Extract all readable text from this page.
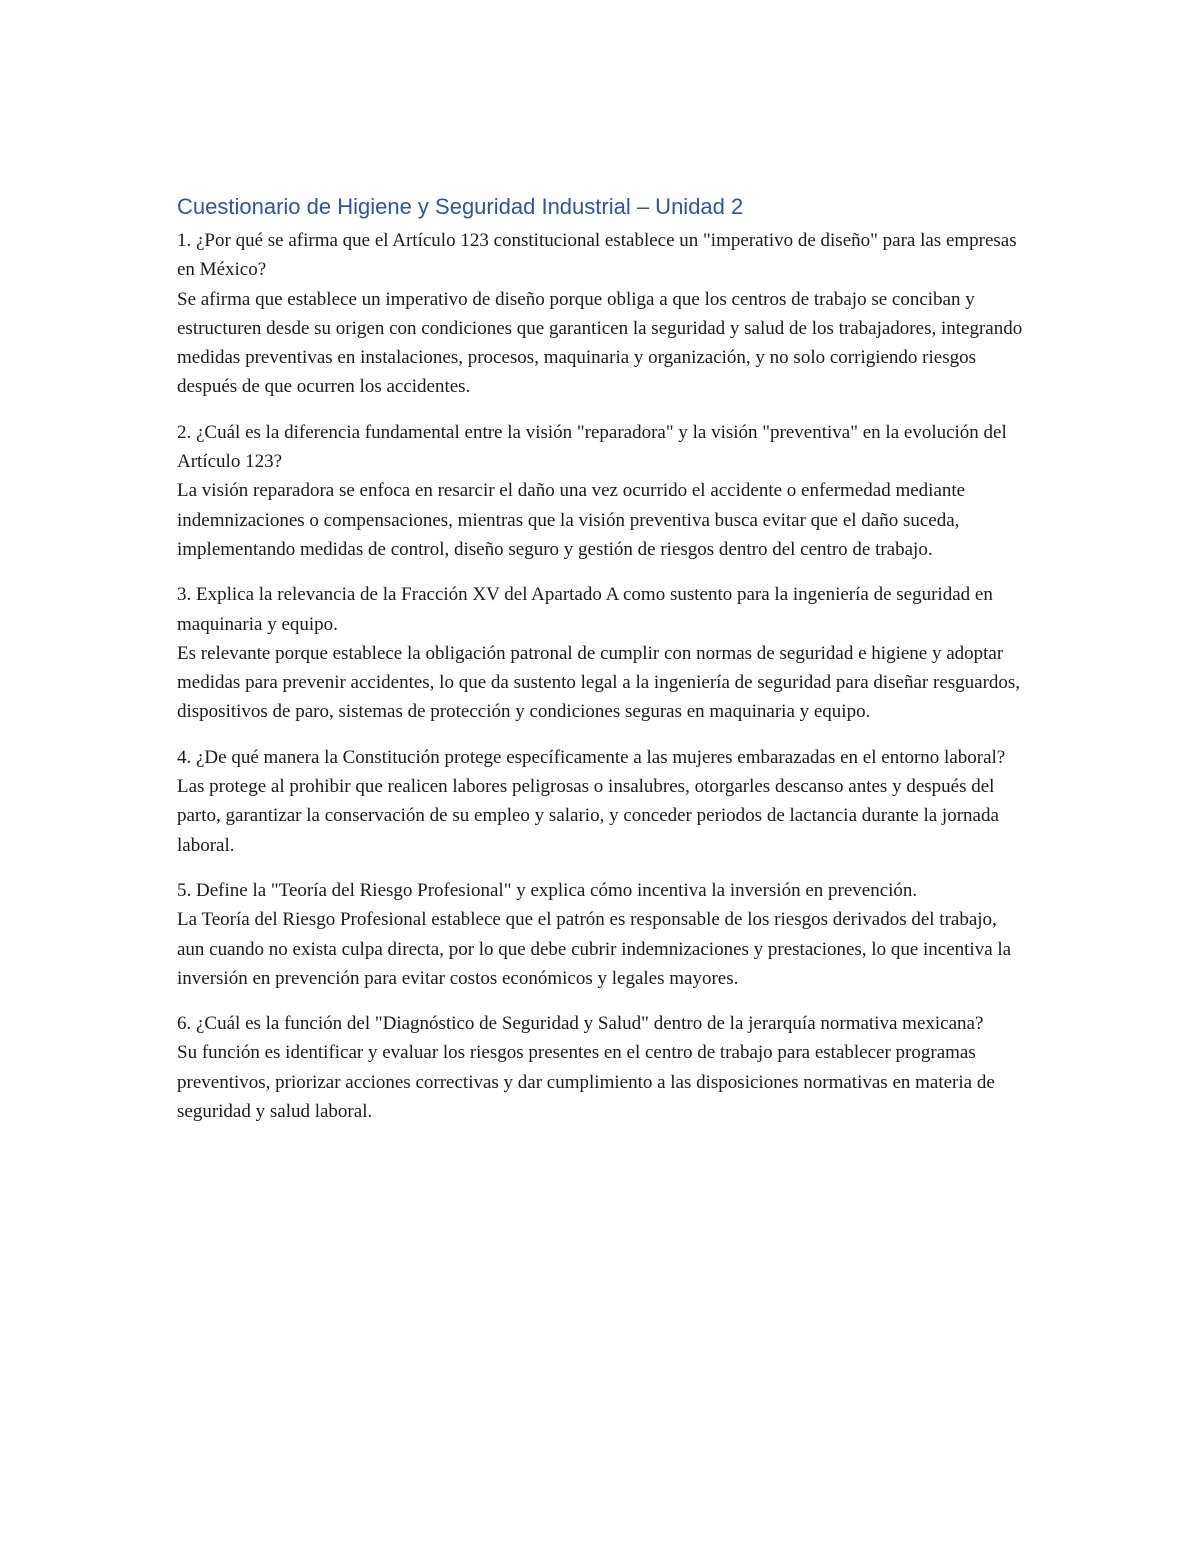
Cuestionario de Higiene y Seguridad Industrial – Unidad 2

1. ¿Por qué se afirma que el Artículo 123 constitucional establece un "imperativo de diseño" para las empresas en México?

Se afirma que establece un imperativo de diseño porque obliga a que los centros de trabajo se conciban y estructuren desde su origen con condiciones que garanticen la seguridad y salud de los trabajadores, integrando medidas preventivas en instalaciones, procesos, maquinaria y organización, y no solo corrigiendo riesgos después de que ocurren los accidentes.

2. ¿Cuál es la diferencia fundamental entre la visión "reparadora" y la visión "preventiva" en la evolución del Artículo 123?

La visión reparadora se enfoca en resarcir el daño una vez ocurrido el accidente o enfermedad mediante indemnizaciones o compensaciones, mientras que la visión preventiva busca evitar que el daño suceda, implementando medidas de control, diseño seguro y gestión de riesgos dentro del centro de trabajo.

3. Explica la relevancia de la Fracción XV del Apartado A como sustento para la ingeniería de seguridad en maquinaria y equipo.

Es relevante porque establece la obligación patronal de cumplir con normas de seguridad e higiene y adoptar medidas para prevenir accidentes, lo que da sustento legal a la ingeniería de seguridad para diseñar resguardos, dispositivos de paro, sistemas de protección y condiciones seguras en maquinaria y equipo.

4. ¿De qué manera la Constitución protege específicamente a las mujeres embarazadas en el entorno laboral?

Las protege al prohibir que realicen labores peligrosas o insalubres, otorgarles descanso antes y después del parto, garantizar la conservación de su empleo y salario, y conceder periodos de lactancia durante la jornada laboral.

5. Define la "Teoría del Riesgo Profesional" y explica cómo incentiva la inversión en prevención.

La Teoría del Riesgo Profesional establece que el patrón es responsable de los riesgos derivados del trabajo, aun cuando no exista culpa directa, por lo que debe cubrir indemnizaciones y prestaciones, lo que incentiva la inversión en prevención para evitar costos económicos y legales mayores.

6. ¿Cuál es la función del "Diagnóstico de Seguridad y Salud" dentro de la jerarquía normativa mexicana?

Su función es identificar y evaluar los riesgos presentes en el centro de trabajo para establecer programas preventivos, priorizar acciones correctivas y dar cumplimiento a las disposiciones normativas en materia de seguridad y salud laboral.
